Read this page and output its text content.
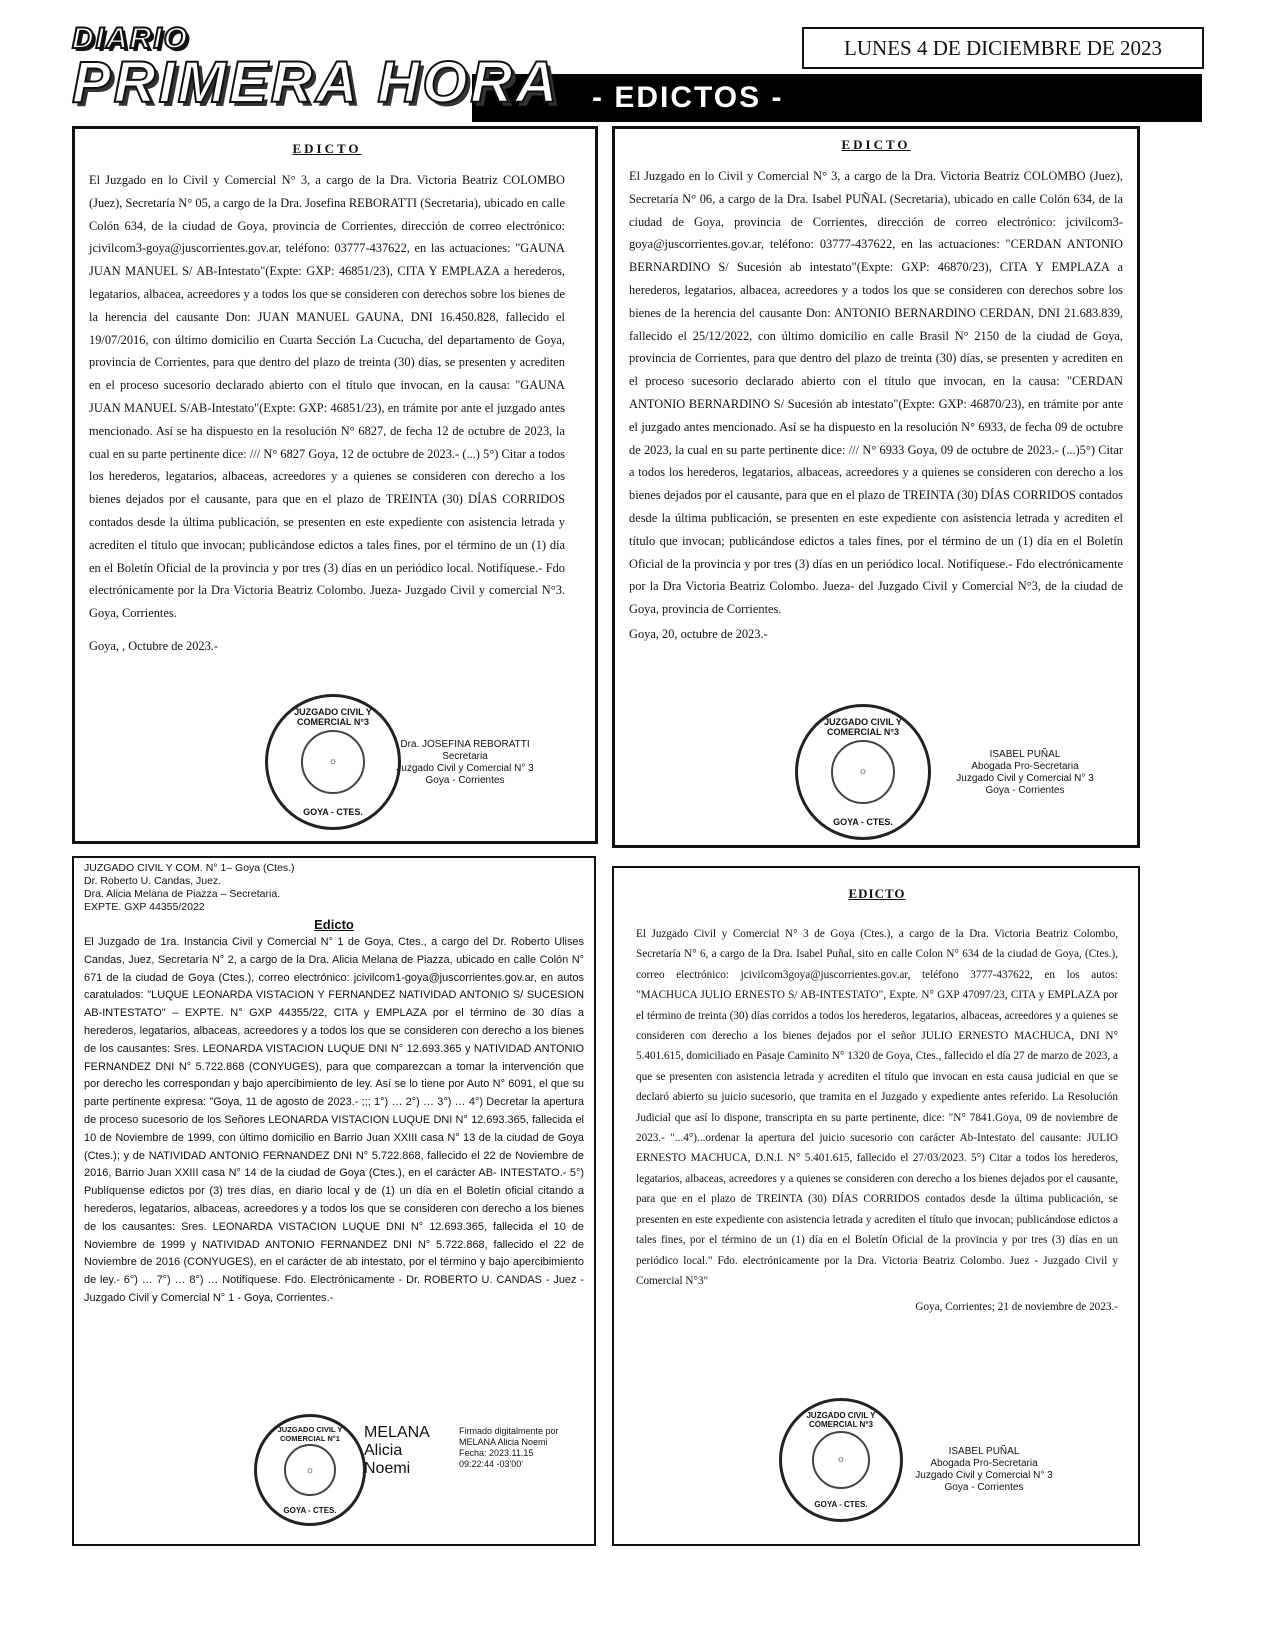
DIARIO
PRIMERA HORA
LUNES 4 DE DICIEMBRE DE 2023
- EDICTOS -
EDICTO

El Juzgado en lo Civil y Comercial N° 3, a cargo de la Dra. Victoria Beatriz COLOMBO (Juez), Secretaría N° 05, a cargo de la Dra. Josefina REBORATTI (Secretaria), ubicado en calle Colón 634, de la ciudad de Goya, provincia de Corrientes, dirección de correo electrónico: jcivilcom3-goya@juscorrientes.gov.ar, teléfono: 03777-437622, en las actuaciones: "GAUNA JUAN MANUEL S/ AB-Intestato"(Expte: GXP: 46851/23), CITA Y EMPLAZA a herederos, legatarios, albacea, acreedores y a todos los que se consideren con derechos sobre los bienes de la herencia del causante Don: JUAN MANUEL GAUNA, DNI 16.450.828, fallecido el 19/07/2016, con último domicilio en Cuarta Sección La Cucucha, del departamento de Goya, provincia de Corrientes, para que dentro del plazo de treinta (30) días, se presenten y acrediten en el proceso sucesorio declarado abierto con el título que invocan, en la causa: "GAUNA JUAN MANUEL S/AB-Intestato"(Expte: GXP: 46851/23), en trámite por ante el juzgado antes mencionado. Así se ha dispuesto en la resolución N° 6827, de fecha 12 de octubre de 2023, la cual en su parte pertinente dice: /// N° 6827 Goya, 12 de octubre de 2023.- (...) 5°) Citar a todos los herederos, legatarios, albaceas, acreedores y a quienes se consideren con derecho a los bienes dejados por el causante, para que en el plazo de TREINTA (30) DÍAS CORRIDOS contados desde la última publicación, se presenten en este expediente con asistencia letrada y acrediten el título que invocan; publicándose edictos a tales fines, por el término de un (1) día en el Boletín Oficial de la provincia y por tres (3) días en un periódico local. Notifíquese.- Fdo electrónicamente por la Dra Victoria Beatriz Colombo. Jueza- Juzgado Civil y comercial N°3. Goya, Corrientes.

Goya, , Octubre de 2023.-

JUZGADO CIVIL Y COMERCIAL N°3
☼
GOYA - CTES.
Dra. JOSEFINA REBORATTI
Secretaria
Juzgado Civil y Comercial N° 3
Goya - Corrientes
EDICTO

El Juzgado en lo Civil y Comercial N° 3, a cargo de la Dra. Victoria Beatriz COLOMBO (Juez), Secretaría N° 06, a cargo de la Dra. Isabel PUÑAL (Secretaria), ubicado en calle Colón 634, de la ciudad de Goya, provincia de Corrientes, dirección de correo electrónico: jcivilcom3-goya@juscorrientes.gov.ar, teléfono: 03777-437622, en las actuaciones: "CERDAN ANTONIO BERNARDINO S/ Sucesión ab intestato"(Expte: GXP: 46870/23), CITA Y EMPLAZA a herederos, legatarios, albacea, acreedores y a todos los que se consideren con derechos sobre los bienes de la herencia del causante Don: ANTONIO BERNARDINO CERDAN, DNI 21.683.839, fallecido el 25/12/2022, con último domicilio en calle Brasil N° 2150 de la ciudad de Goya, provincia de Corrientes, para que dentro del plazo de treinta (30) días, se presenten y acrediten en el proceso sucesorio declarado abierto con el título que invocan, en la causa: "CERDAN ANTONIO BERNARDINO S/ Sucesión ab intestato"(Expte: GXP: 46870/23), en trámite por ante el juzgado antes mencionado. Así se ha dispuesto en la resolución N° 6933, de fecha 09 de octubre de 2023, la cual en su parte pertinente dice: /// N° 6933 Goya, 09 de octubre de 2023.- (...)5°) Citar a todos los herederos, legatarios, albaceas, acreedores y a quienes se consideren con derecho a los bienes dejados por el causante, para que en el plazo de TREINTA (30) DÍAS CORRIDOS contados desde la última publicación, se presenten en este expediente con asistencia letrada y acrediten el título que invocan; publicándose edictos a tales fines, por el término de un (1) día en el Boletín Oficial de la provincia y por tres (3) días en un periódico local. Notifíquese.- Fdo electrónicamente por la Dra Victoria Beatriz Colombo. Jueza- del Juzgado Civil y Comercial N°3, de la ciudad de Goya, provincia de Corrientes.

Goya, 20, octubre de 2023.-

JUZGADO CIVIL Y COMERCIAL N°3
☼
GOYA - CTES.
ISABEL PUÑAL
Abogada Pro-Secretaria
Juzgado Civil y Comercial N° 3
Goya - Corrientes
JUZGADO CIVIL Y COM. N° 1– Goya (Ctes.)
Dr. Roberto U. Candas, Juez.
Dra. Alicia Melana de Piazza – Secretaria.
EXPTE. GXP 44355/2022
Edicto

El Juzgado de 1ra. Instancia Civil y Comercial N° 1 de Goya, Ctes., a cargo del Dr. Roberto Ulises Candas, Juez, Secretaría N° 2, a cargo de la Dra. Alicia Melana de Piazza, ubicado en calle Colón N° 671 de la ciudad de Goya (Ctes.), correo electrónico: jcivilcom1-goya@juscorrientes.gov.ar, en autos caratulados: "LUQUE LEONARDA VISTACION Y FERNANDEZ NATIVIDAD ANTONIO S/ SUCESION AB-INTESTATO" – EXPTE. N° GXP 44355/22, CITA y EMPLAZA por el término de 30 días a herederos, legatarios, albaceas, acreedores y a todos los que se consideren con derecho a los bienes de los causantes: Sres. LEONARDA VISTACION LUQUE DNI N° 12.693.365 y NATIVIDAD ANTONIO FERNANDEZ DNI N° 5.722.868 (CONYUGES), para que comparezcan a tomar la intervención que por derecho les correspondan y bajo apercibimiento de ley. Así se lo tiene por Auto N° 6091, el que su parte pertinente expresa: "Goya, 11 de agosto de 2023.- ;;; 1°) … 2°) … 3°) … 4°) Decretar la apertura de proceso sucesorio de los Señores LEONARDA VISTACION LUQUE DNI N° 12.693.365, fallecida el 10 de Noviembre de 1999, con último domicilio en Barrio Juan XXIII casa N° 13 de la ciudad de Goya (Ctes.); y de NATIVIDAD ANTONIO FERNANDEZ DNI N° 5.722.868, fallecido el 22 de Noviembre de 2016, Barrio Juan XXIII casa N° 14 de la ciudad de Goya (Ctes.), en el carácter AB- INTESTATO.- 5°) Publíquense edictos por (3) tres días, en diario local y de (1) un día en el Boletín oficial citando a herederos, legatarios, albaceas, acreedores y a todos los que se consideren con derecho a los bienes de los causantes: Sres. LEONARDA VISTACION LUQUE DNI N° 12.693.365, fallecida el 10 de Noviembre de 1999 y NATIVIDAD ANTONIO FERNANDEZ DNI N° 5.722.868, fallecido el 22 de Noviembre de 2016 (CONYUGES), en el carácter de ab intestato, por el término y bajo apercibimiento de ley.- 6°) … 7°) … 8°) … Notifíquese. Fdo. Electrónicamente - Dr. ROBERTO U. CANDAS - Juez - Juzgado Civil y Comercial N° 1 - Goya, Corrientes.-

JUZGADO CIVIL Y COMERCIAL N°1
☼
GOYA - CTES.
MELANA
Alicia
Noemi
Firmado digitalmente por MELANA Alicia Noemi
Fecha: 2023.11.15
09:22:44 -03'00'
EDICTO

El Juzgado Civil y Comercial N° 3 de Goya (Ctes.), a cargo de la Dra. Victoria Beatriz Colombo, Secretaría N° 6, a cargo de la Dra. Isabel Puñal, sito en calle Colon N° 634 de la ciudad de Goya, (Ctes.), correo electrónico: jcivilcom3goya@juscorrientes.gov.ar, teléfono 3777-437622, en los autos: "MACHUCA JULIO ERNESTO S/ AB-INTESTATO", Expte. N° GXP 47097/23, CITA y EMPLAZA por el término de treinta (30) días corridos a todos los herederos, legatarios, albaceas, acreedores y a quienes se consideren con derecho a los bienes dejados por el señor JULIO ERNESTO MACHUCA, DNI N° 5.401.615, domiciliado en Pasaje Caminito N° 1320 de Goya, Ctes., fallecido el día 27 de marzo de 2023, a que se presenten con asistencia letrada y acrediten el título que invocan en esta causa judicial en que se declaró abierto su juicio sucesorio, que tramita en el Juzgado y expediente antes referido. La Resolución Judicial que así lo dispone, transcripta en su parte pertinente, dice: "N° 7841.Goya, 09 de noviembre de 2023.- "...4°)...ordenar la apertura del juicio sucesorio con carácter Ab-Intestato del causante: JULIO ERNESTO MACHUCA, D.N.I. N° 5.401.615, fallecido el 27/03/2023. 5°) Citar a todos los herederos, legatarios, albaceas, acreedores y a quienes se consideren con derecho a los bienes dejados por el causante, para que en el plazo de TREINTA (30) DÍAS CORRIDOS contados desde la última publicación, se presenten en este expediente con asistencia letrada y acrediten el título que invocan; publicándose edictos a tales fines, por el término de un (1) día en el Boletín Oficial de la provincia y por tres (3) días en un periódico local." Fdo. electrónicamente por la Dra. Victoria Beatriz Colombo. Juez - Juzgado Civil y Comercial N°3"

Goya, Corrientes; 21 de noviembre de 2023.-

JUZGADO CIVIL Y COMERCIAL N°3
☼
GOYA - CTES.
ISABEL PUÑAL
Abogada Pro-Secretaria
Juzgado Civil y Comercial N° 3
Goya - Corrientes
